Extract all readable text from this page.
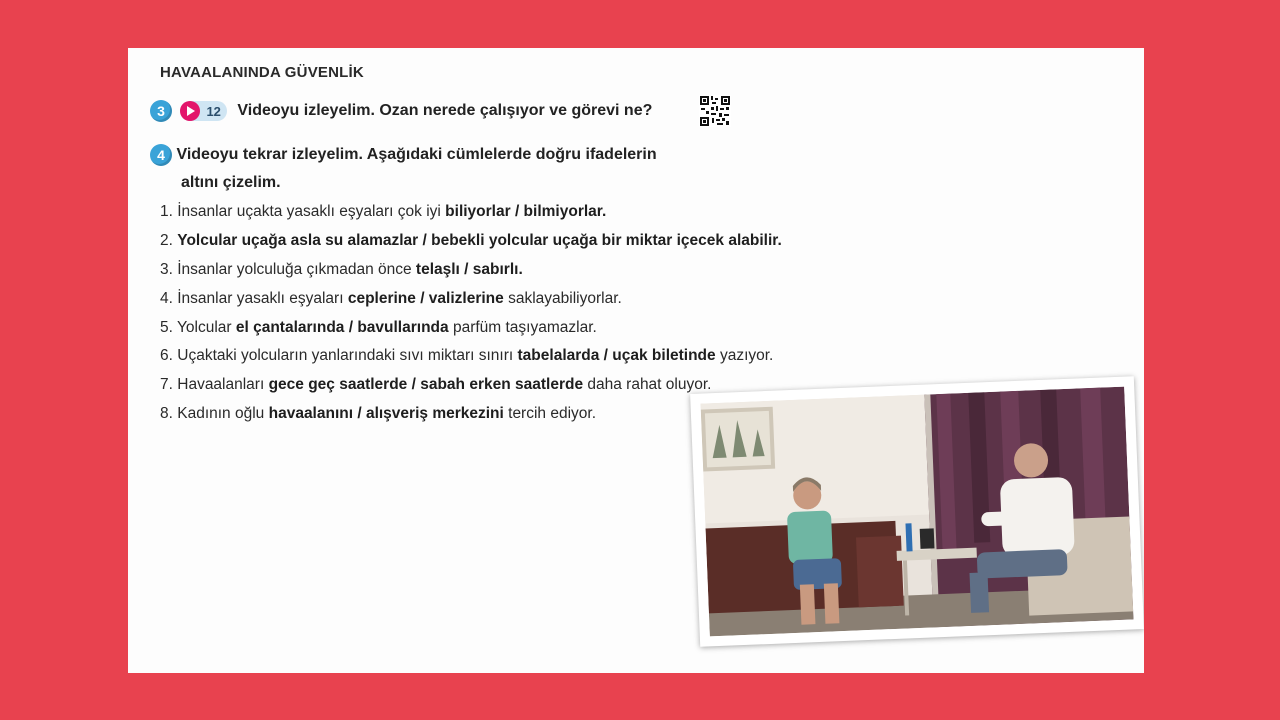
HAVAALANINDA GÜVENLİK
3	12 Videoyu izleyelim. Ozan nerede çalışıyor ve görevi ne?
4 Videoyu tekrar izleyelim. Aşağıdaki cümlelerde doğru ifadelerin
altını çizelim.
1. İnsanlar uçakta yasaklı eşyaları çok iyi biliyorlar / bilmiyorlar.
2. Yolcular uçağa asla su alamazlar / bebekli yolcular uçağa bir miktar içecek alabilir.
3. İnsanlar yolculuğa çıkmadan önce telaşlı / sabırlı.
4. İnsanlar yasaklı eşyaları ceplerine / valizlerine saklayabiliyorlar.
5. Yolcular el çantalarında / bavullarında parfüm taşıyamazlar.
6. Uçaktaki yolcuların yanlarındaki sıvı miktarı sınırı tabelalarda / uçak biletinde yazıyor.
7. Havaalanları gece geç saatlerde / sabah erken saatlerde daha rahat oluyor.
8. Kadının oğlu havaalanını / alışveriş merkezini tercih ediyor.
